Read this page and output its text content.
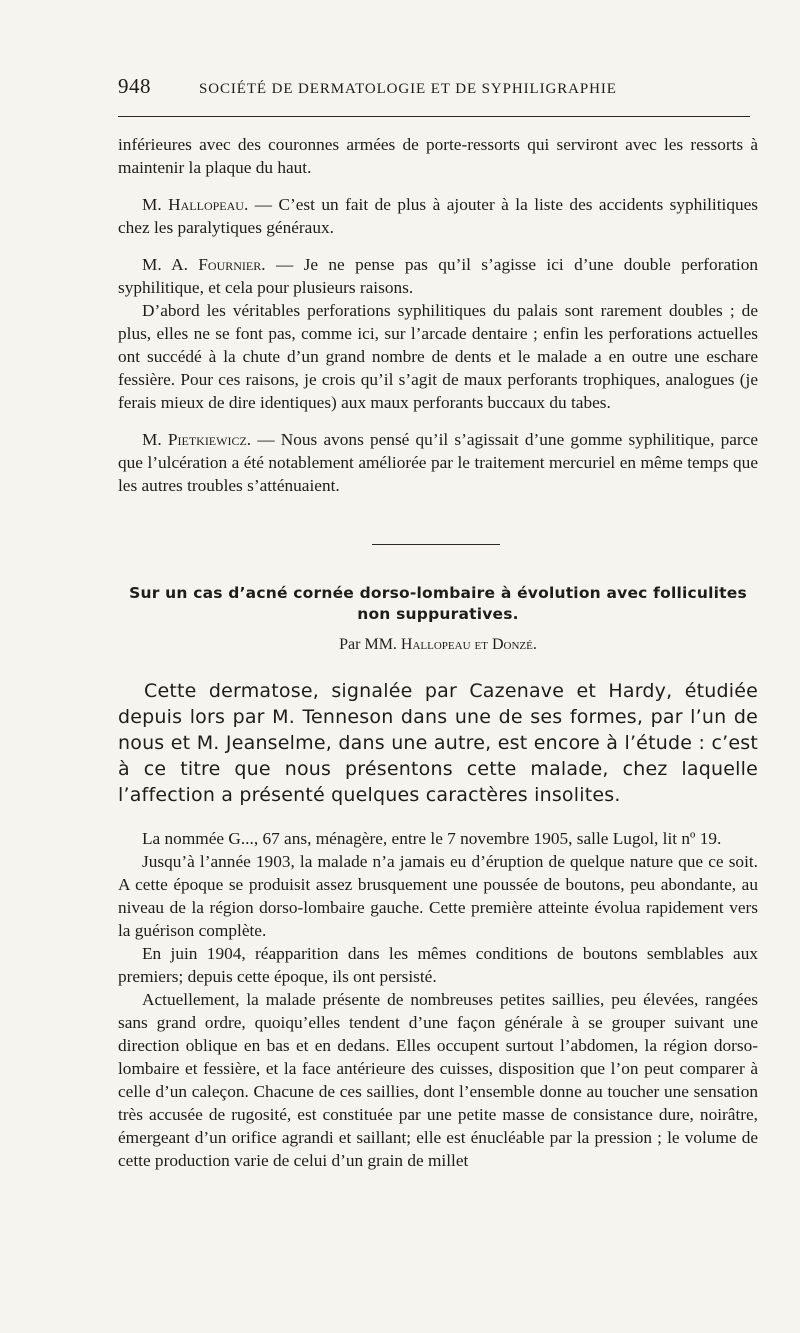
948	SOCIÉTÉ DE DERMATOLOGIE ET DE SYPHILIGRAPHIE

inférieures avec des couronnes armées de porte-ressorts qui serviront avec les ressorts à maintenir la plaque du haut.

M. Hallopeau. — C’est un fait de plus à ajouter à la liste des accidents syphilitiques chez les paralytiques généraux.

M. A. Fournier. — Je ne pense pas qu’il s’agisse ici d’une double perforation syphilitique, et cela pour plusieurs raisons.

D’abord les véritables perforations syphilitiques du palais sont rarement doubles ; de plus, elles ne se font pas, comme ici, sur l’arcade dentaire ; enfin les perforations actuelles ont succédé à la chute d’un grand nombre de dents et le malade a en outre une eschare fessière. Pour ces raisons, je crois qu’il s’agit de maux perforants trophiques, analogues (je ferais mieux de dire identiques) aux maux perforants buccaux du tabes.

M. Pietkiewicz. — Nous avons pensé qu’il s’agissait d’une gomme syphilitique, parce que l’ulcération a été notablement améliorée par le traitement mercuriel en même temps que les autres troubles s’atténuaient.

Sur un cas d’acné cornée dorso-lombaire à évolution avec folliculites non suppuratives.
Par MM. Hallopeau et Donzé.

Cette dermatose, signalée par Cazenave et Hardy, étudiée depuis lors par M. Tenneson dans une de ses formes, par l’un de nous et M. Jeanselme, dans une autre, est encore à l’étude : c’est à ce titre que nous présentons cette malade, chez laquelle l’affection a présenté quelques caractères insolites.

La nommée G..., 67 ans, ménagère, entre le 7 novembre 1905, salle Lugol, lit nº 19.

Jusqu’à l’année 1903, la malade n’a jamais eu d’éruption de quelque nature que ce soit. A cette époque se produisit assez brusquement une poussée de boutons, peu abondante, au niveau de la région dorso-lombaire gauche. Cette première atteinte évolua rapidement vers la guérison complète.

En juin 1904, réapparition dans les mêmes conditions de boutons semblables aux premiers; depuis cette époque, ils ont persisté.

Actuellement, la malade présente de nombreuses petites saillies, peu élevées, rangées sans grand ordre, quoiqu’elles tendent d’une façon générale à se grouper suivant une direction oblique en bas et en dedans. Elles occupent surtout l’abdomen, la région dorso-lombaire et fessière, et la face antérieure des cuisses, disposition que l’on peut comparer à celle d’un caleçon. Chacune de ces saillies, dont l’ensemble donne au toucher une sensation très accusée de rugosité, est constituée par une petite masse de consistance dure, noirâtre, émergeant d’un orifice agrandi et saillant; elle est énucléable par la pression ; le volume de cette production varie de celui d’un grain de millet
